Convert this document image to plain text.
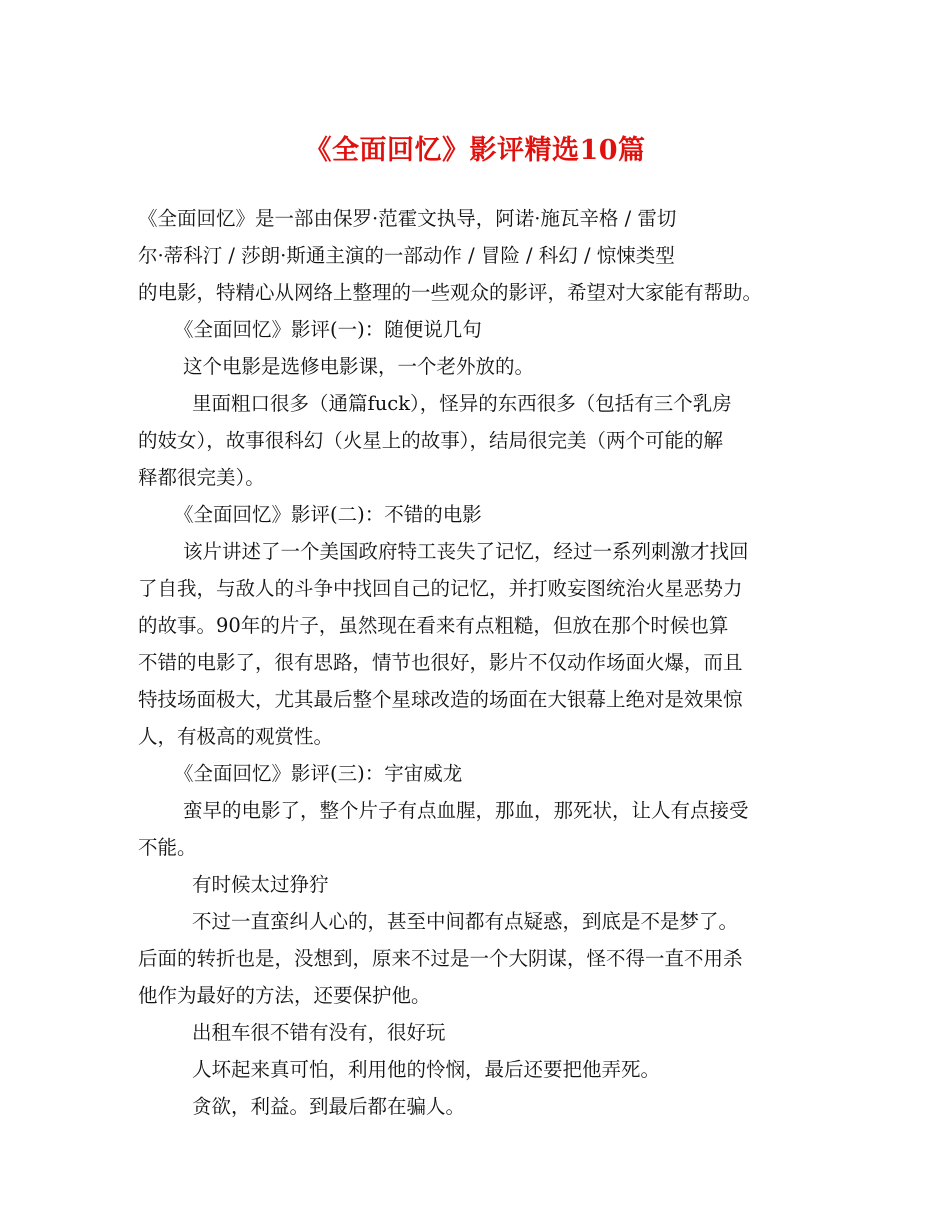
《全面回忆》影评精选10篇
《全面回忆》是一部由保罗·范霍文执导，阿诺·施瓦辛格 / 雷切
尔·蒂科汀 / 莎朗·斯通主演的一部动作 / 冒险 / 科幻 / 惊悚类型
的电影，特精心从网络上整理的一些观众的影评，希望对大家能有帮助。
《全面回忆》影评(一)：随便说几句
这个电影是选修电影课，一个老外放的。
里面粗口很多（通篇fuck），怪异的东西很多（包括有三个乳房
的妓女），故事很科幻（火星上的故事），结局很完美（两个可能的解
释都很完美）。
《全面回忆》影评(二)：不错的电影
该片讲述了一个美国政府特工丧失了记忆，经过一系列刺激才找回
了自我，与敌人的斗争中找回自己的记忆，并打败妄图统治火星恶势力
的故事。90年的片子，虽然现在看来有点粗糙，但放在那个时候也算
不错的电影了，很有思路，情节也很好，影片不仅动作场面火爆，而且
特技场面极大，尤其最后整个星球改造的场面在大银幕上绝对是效果惊
人，有极高的观赏性。
《全面回忆》影评(三)：宇宙威龙
蛮早的电影了，整个片子有点血腥，那血，那死状，让人有点接受
不能。
有时候太过狰狞
不过一直蛮纠人心的，甚至中间都有点疑惑，到底是不是梦了。
后面的转折也是，没想到，原来不过是一个大阴谋，怪不得一直不用杀
他作为最好的方法，还要保护他。
出租车很不错有没有，很好玩
人坏起来真可怕，利用他的怜悯，最后还要把他弄死。
贪欲，利益。到最后都在骗人。
